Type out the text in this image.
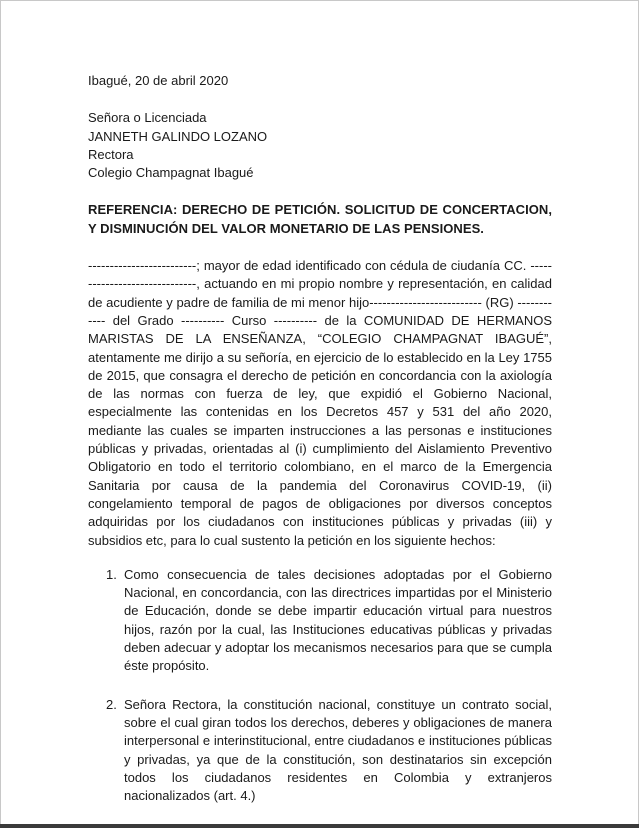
Ibagué, 20 de abril 2020

Señora o Licenciada

JANNETH GALINDO LOZANO

Rectora

Colegio Champagnat Ibagué

REFERENCIA: DERECHO DE PETICIÓN. SOLICITUD DE CONCERTACION, Y DISMINUCIÓN DEL VALOR MONETARIO DE LAS PENSIONES.

-------------------------; mayor de edad identificado con cédula de ciudanía CC. ------------------------------, actuando en mi propio nombre y representación, en calidad de acudiente y padre de familia de mi menor hijo-------------------------- (RG) ------------ del Grado ---------- Curso ---------- de la COMUNIDAD DE HERMANOS MARISTAS DE LA ENSEÑANZA, “COLEGIO CHAMPAGNAT IBAGUÉ”, atentamente me dirijo a su señoría, en ejercicio de lo establecido en la Ley 1755 de 2015, que consagra el derecho de petición en concordancia con la axiología de las normas con fuerza de ley, que expidió el Gobierno Nacional, especialmente las contenidas en los Decretos 457 y 531 del año 2020, mediante las cuales se imparten instrucciones a las personas e instituciones públicas y privadas, orientadas al (i) cumplimiento del Aislamiento Preventivo Obligatorio en todo el territorio colombiano, en el marco de la Emergencia Sanitaria por causa de la pandemia del Coronavirus COVID-19, (ii) congelamiento temporal de pagos de obligaciones por diversos conceptos adquiridas por los ciudadanos con instituciones públicas y privadas (iii) y subsidios etc, para lo cual sustento la petición en los siguiente hechos:

1. Como consecuencia de tales decisiones adoptadas por el Gobierno Nacional, en concordancia, con las directrices impartidas por el Ministerio de Educación, donde se debe impartir educación virtual para nuestros hijos, razón por la cual, las Instituciones educativas públicas y privadas deben adecuar y adoptar los mecanismos necesarios para que se cumpla éste propósito.
2. Señora Rectora, la constitución nacional, constituye un contrato social, sobre el cual giran todos los derechos, deberes y obligaciones de manera interpersonal e interinstitucional, entre ciudadanos e instituciones públicas y privadas, ya que de la constitución, son destinatarios sin excepción todos los ciudadanos residentes en Colombia y extranjeros nacionalizados (art. 4.)
